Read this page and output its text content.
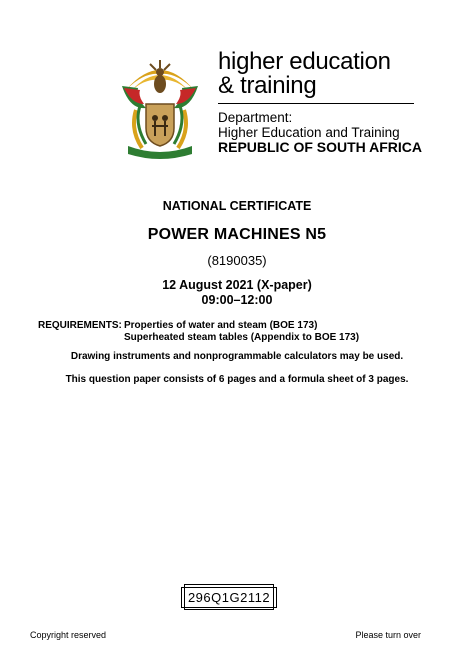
higher education
& training
Department:
Higher Education and Training
REPUBLIC OF SOUTH AFRICA
NATIONAL CERTIFICATE
POWER MACHINES N5
(8190035)
12 August 2021 (X-paper)
09:00–12:00
REQUIREMENTS: Properties of water and steam (BOE 173)
Superheated steam tables (Appendix to BOE 173)
Drawing instruments and nonprogrammable calculators may be used.
This question paper consists of 6 pages and a formula sheet of 3 pages.
296Q1G2112
Copyright reserved	Please turn over
